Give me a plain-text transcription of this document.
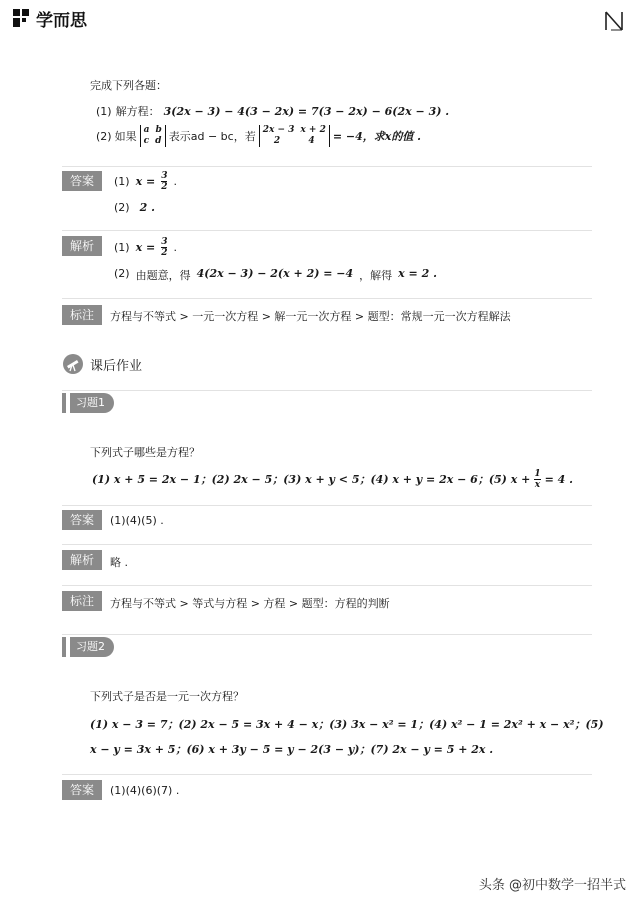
学而思
完成下列各题：
(1) 解方程： 3(2x − 3) − 4(3 − 2x) = 7(3 − 2x) − 6(2x − 3) .
(2) 如果 a b
c d 表示ad − bc，若 2x − 3 x + 2
2	4 = −4，求x的值 .
答案	(1) $x = \frac{3}{2}$ .
(2) 2 .
解析	(1) $x = \frac{3}{2}$ .
(2) 由题意，得 4(2x − 3) − 2(x + 2) = −4 ，解得 x = 2 .
标注	方程与不等式 > 一元一次方程 > 解一元一次方程 > 题型：常规一元一次方程解法
课后作业
习题1
下列式子哪些是方程？
(1) x + 5 = 2x − 1；(2) 2x − 5；(3) x + y < 5；(4) x + y = 2x − 6；(5) $x + \frac{1}{x} = 4$ .
答案	(1)(4)(5) .
解析	略 .
标注	方程与不等式 > 等式与方程 > 方程 > 题型：方程的判断
习题2
下列式子是否是一元一次方程？
(1) x − 3 = 7；(2) 2x − 5 = 3x + 4 − x；(3) 3x − x² = 1；(4) x² − 1 = 2x² + x − x²；(5)
x − y = 3x + 5；(6) x + 3y − 5 = y − 2(3 − y)；(7) 2x − y = 5 + 2x .
答案	(1)(4)(6)(7) .
头条 @初中数学一招半式
